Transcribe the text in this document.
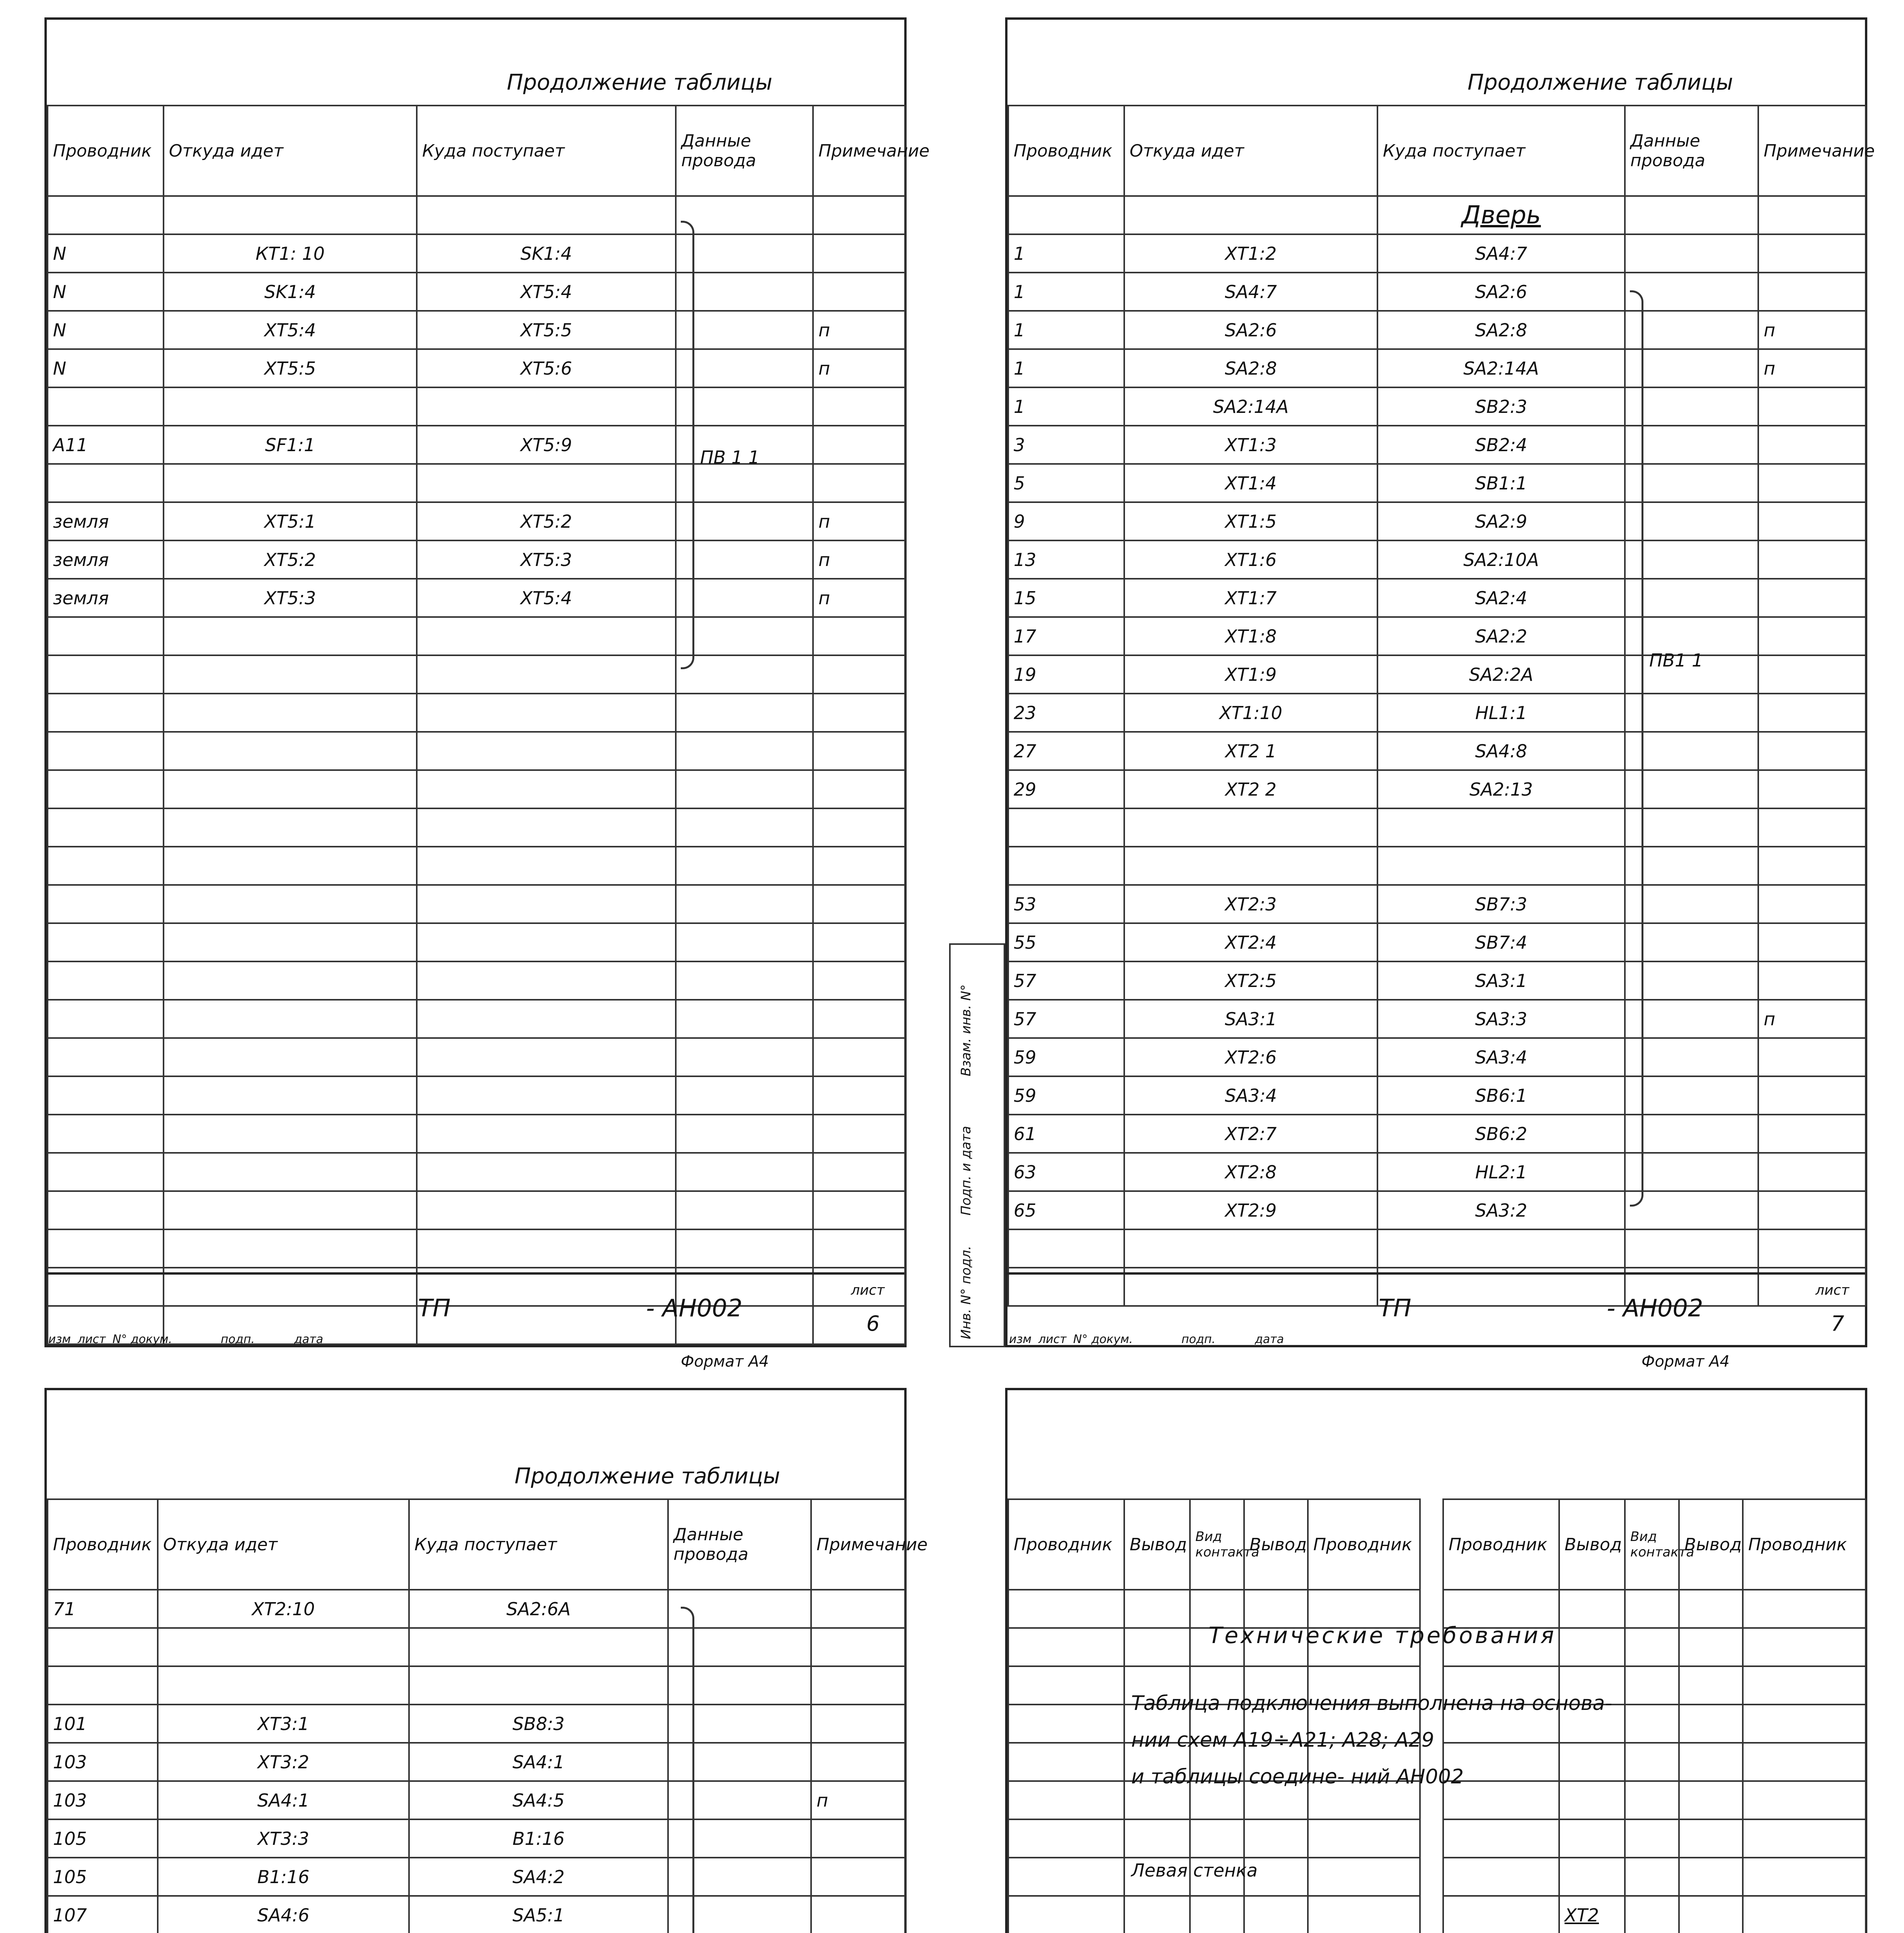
Продолжение таблицы
Проводник	Откуда идет	Куда поступает	Данные провода	Примечание

N	КТ1: 10	SK1:4		
N	SK1:4	ХТ5:4		
N	ХТ5:4	ХТ5:5		п
N	ХТ5:5	ХТ5:6		п

А11	SF1:1	ХТ5:9		

земля	ХТ5:1	ХТ5:2		п
земля	ХТ5:2	ХТ5:3		п
земля	ХТ5:3	ХТ5:4		п

ПВ 1 1
изм лист N° докум.	подп.	дата
ТП	- АН002
лист
6
Формат А4
Продолжение таблицы
Проводник	Откуда идет	Куда поступает	Данные провода	Примечание
		Дверь		
1	ХТ1:2	SA4:7		
1	SA4:7	SA2:6		
1	SA2:6	SA2:8		п
1	SA2:8	SA2:14А		п
1	SA2:14А	SB2:3		
3	ХТ1:3	SB2:4		
5	ХТ1:4	SB1:1		
9	ХТ1:5	SA2:9		
13	ХТ1:6	SA2:10А		
15	ХТ1:7	SA2:4		
17	ХТ1:8	SA2:2		
19	ХТ1:9	SA2:2А		
23	ХТ1:10	HL1:1		
27	ХТ2 1	SA4:8		
29	ХТ2 2	SA2:13		

53	ХТ2:3	SB7:3		
55	ХТ2:4	SB7:4		
57	ХТ2:5	SA3:1		
57	SA3:1	SA3:3		п
59	ХТ2:6	SA3:4		
59	SA3:4	SB6:1		
61	ХТ2:7	SB6:2		
63	ХТ2:8	HL2:1		
65	ХТ2:9	SA3:2		

ПВ1 1
изм лист N° докум.	подп.	дата
ТП	- АН002
лист
7
Формат А4
Взам. инв. N°
Подп. и дата
Инв. N° подл.
Продолжение таблицы
Проводник	Откуда идет	Куда поступает	Данные провода	Примечание
71	ХТ2:10	SA2:6А		

101	ХТ3:1	SB8:3		
103	ХТ3:2	SA4:1		
103	SA4:1	SA4:5		п
105	ХТ3:3	В1:16		
105	В1:16	SA4:2		
107	SA4:6	SA5:1		

Проводник	Вывод	Вид контакта	Вывод	Проводник		Проводник	Вывод	Вид контакта	Вывод	Проводник

							ХТ2			

Технические требования
Таблица подключения выполнена на основа-
нии схем А19÷А21; А28; А29
и таблицы соедине- ний АН002
Левая стенка
